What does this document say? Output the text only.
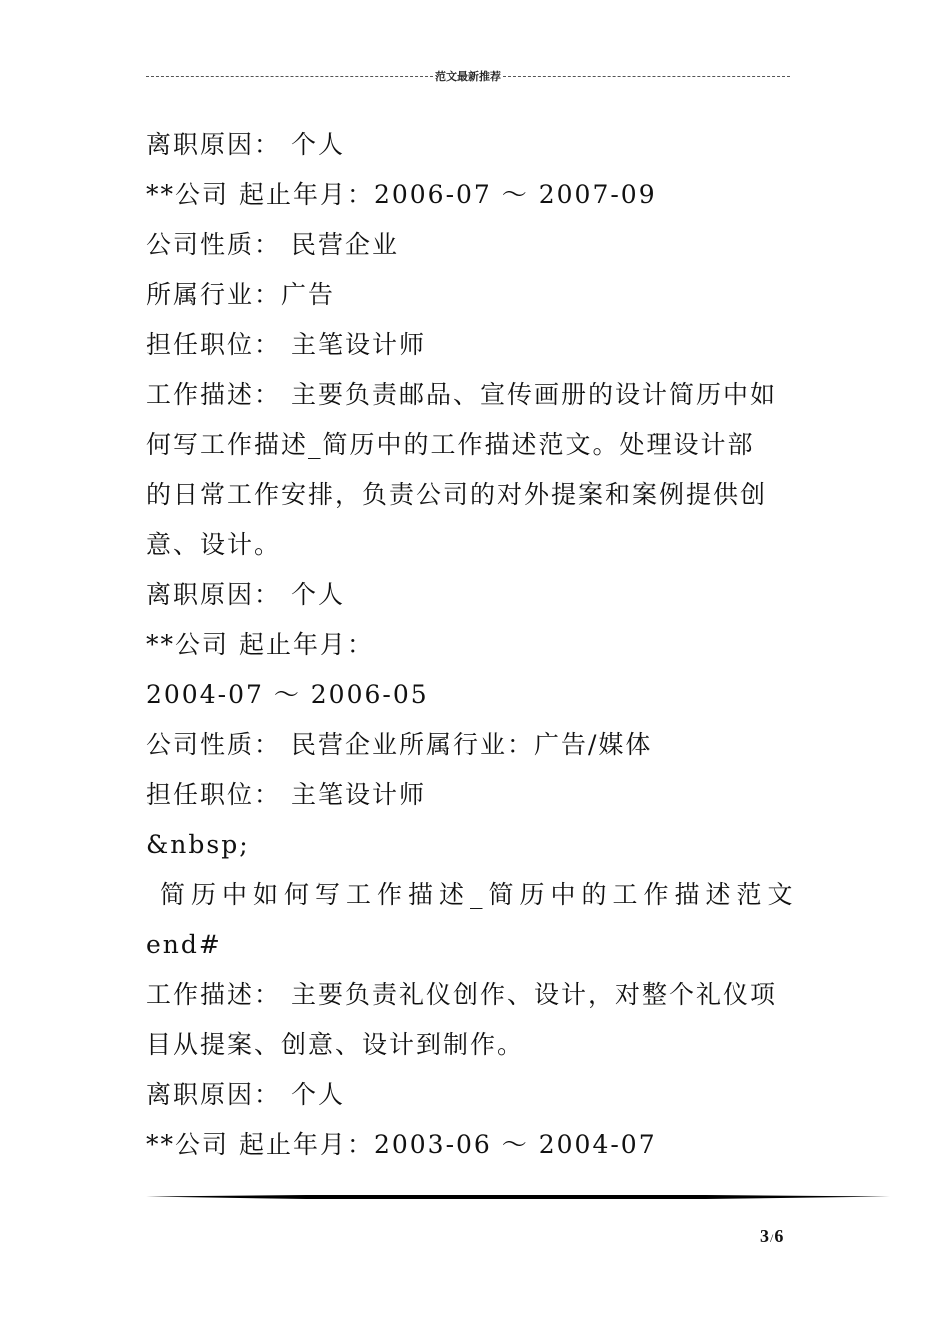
范文最新推荐
离职原因： 个人
**公司 起止年月：2006-07 ～ 2007-09
公司性质： 民营企业
所属行业：广告
担任职位： 主笔设计师
工作描述： 主要负责邮品、宣传画册的设计简历中如
何写工作描述_简历中的工作描述范文。处理设计部
的日常工作安排，负责公司的对外提案和案例提供创
意、设计。
离职原因： 个人
**公司 起止年月：
2004-07 ～ 2006-05
公司性质： 民营企业所属行业：广告/媒体
担任职位： 主笔设计师
&nbsp;
简历中如何写工作描述_简历中的工作描述范文
end#
工作描述： 主要负责礼仪创作、设计，对整个礼仪项
目从提案、创意、设计到制作。
离职原因： 个人
**公司 起止年月：2003-06 ～ 2004-07
3/6
